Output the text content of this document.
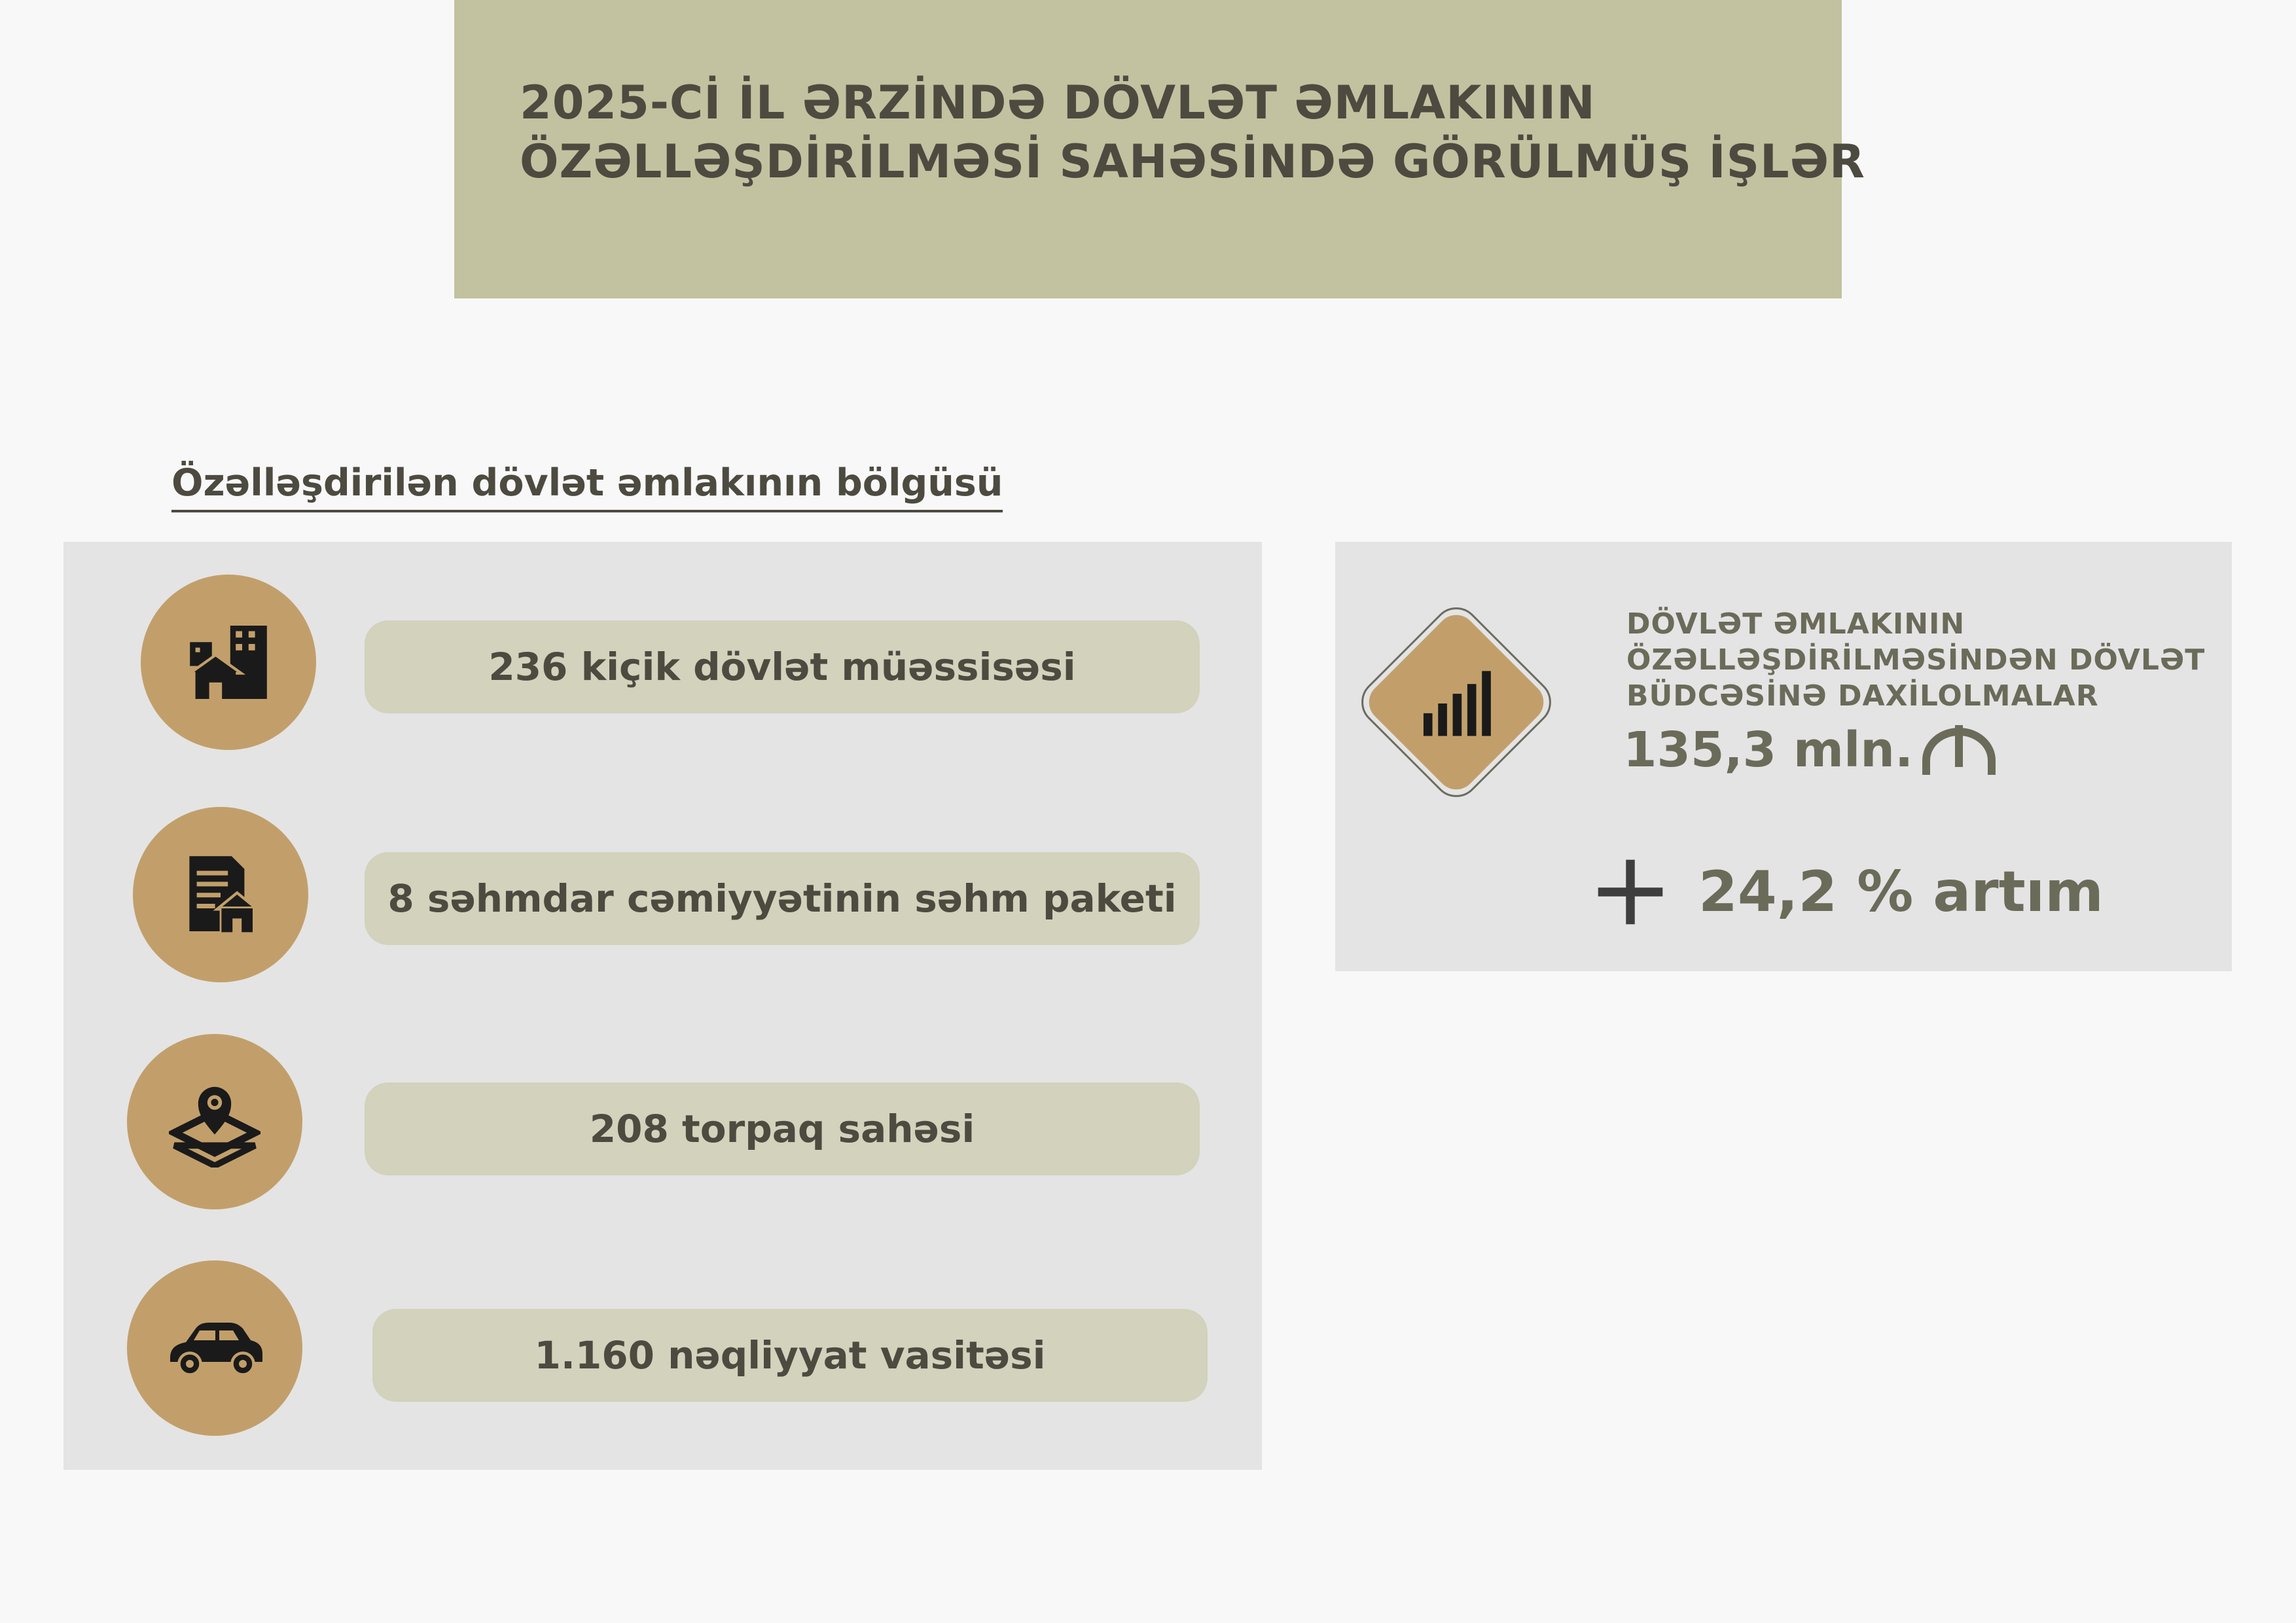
2025-Cİ İL ƏRZİNDƏ DÖVLƏT ƏMLAKININ
ÖZƏLLƏŞDİRİLMƏSİ SAHƏSİNDƏ GÖRÜLMÜŞ İŞLƏR
Özəlləşdirilən dövlət əmlakının bölgüsü
236 kiçik dövlət müəssisəsi
8 səhmdar cəmiyyətinin səhm paketi
208 torpaq sahəsi
1.160 nəqliyyat vasitəsi
DÖVLƏT ƏMLAKININ
ÖZƏLLƏŞDİRİLMƏSİNDƏN DÖVLƏT
BÜDCƏSİNƏ DAXİLOLMALAR
135,3 mln.
24,2 % artım
